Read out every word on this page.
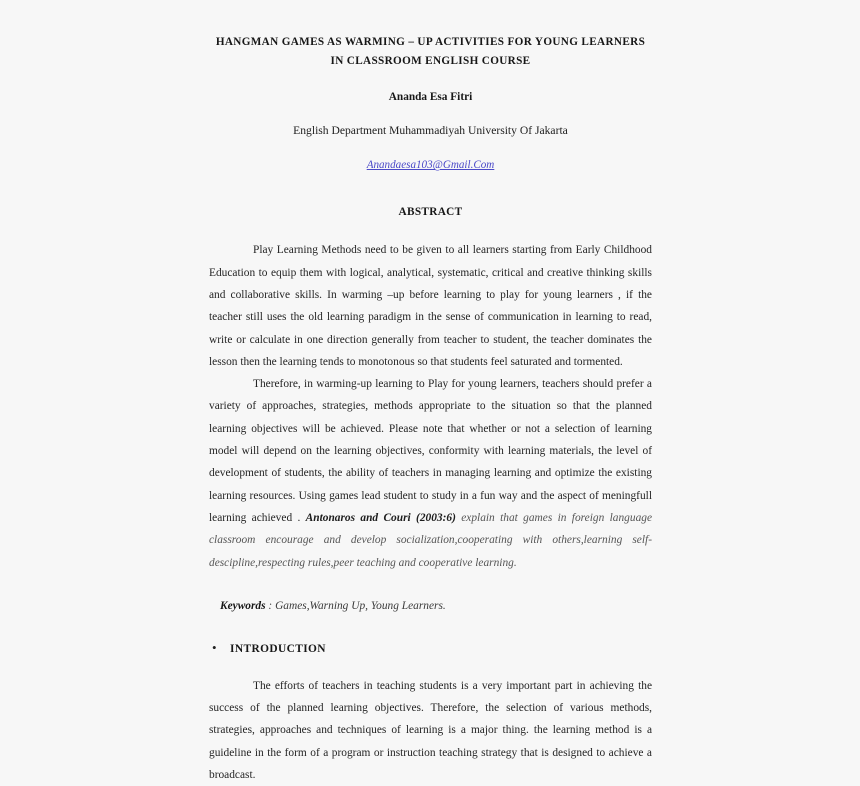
HANGMAN GAMES AS WARMING – UP ACTIVITIES FOR YOUNG LEARNERS IN CLASSROOM ENGLISH COURSE
Ananda Esa Fitri
English Department Muhammadiyah University Of Jakarta
Anandaesa103@Gmail.Com
ABSTRACT

Play Learning Methods need to be given to all learners starting from Early Childhood Education to equip them with logical, analytical, systematic, critical and creative thinking skills and collaborative skills. In warming –up before learning to play for young learners , if the teacher still uses the old learning paradigm in the sense of communication in learning to read, write or calculate in one direction generally from teacher to student, the teacher dominates the lesson then the learning tends to monotonous so that students feel saturated and tormented.

Therefore, in warming-up learning to Play for young learners, teachers should prefer a variety of approaches, strategies, methods appropriate to the situation so that the planned learning objectives will be achieved. Please note that whether or not a selection of learning model will depend on the learning objectives, conformity with learning materials, the level of development of students, the ability of teachers in managing learning and optimize the existing learning resources. Using games lead student to study in a fun way and the aspect of meningfull learning achieved . Antonaros and Couri (2003:6) explain that games in foreign language classroom encourage and develop socialization,cooperating with others,learning self-descipline,respecting rules,peer teaching and cooperative learning.

Keywords : Games,Warning Up, Young Learners.
•	INTRODUCTION

The efforts of teachers in teaching students is a very important part in achieving the success of the planned learning objectives. Therefore, the selection of various methods, strategies, approaches and techniques of learning is a major thing. the learning method is a guideline in the form of a program or instruction teaching strategy that is designed to achieve a broadcast.
